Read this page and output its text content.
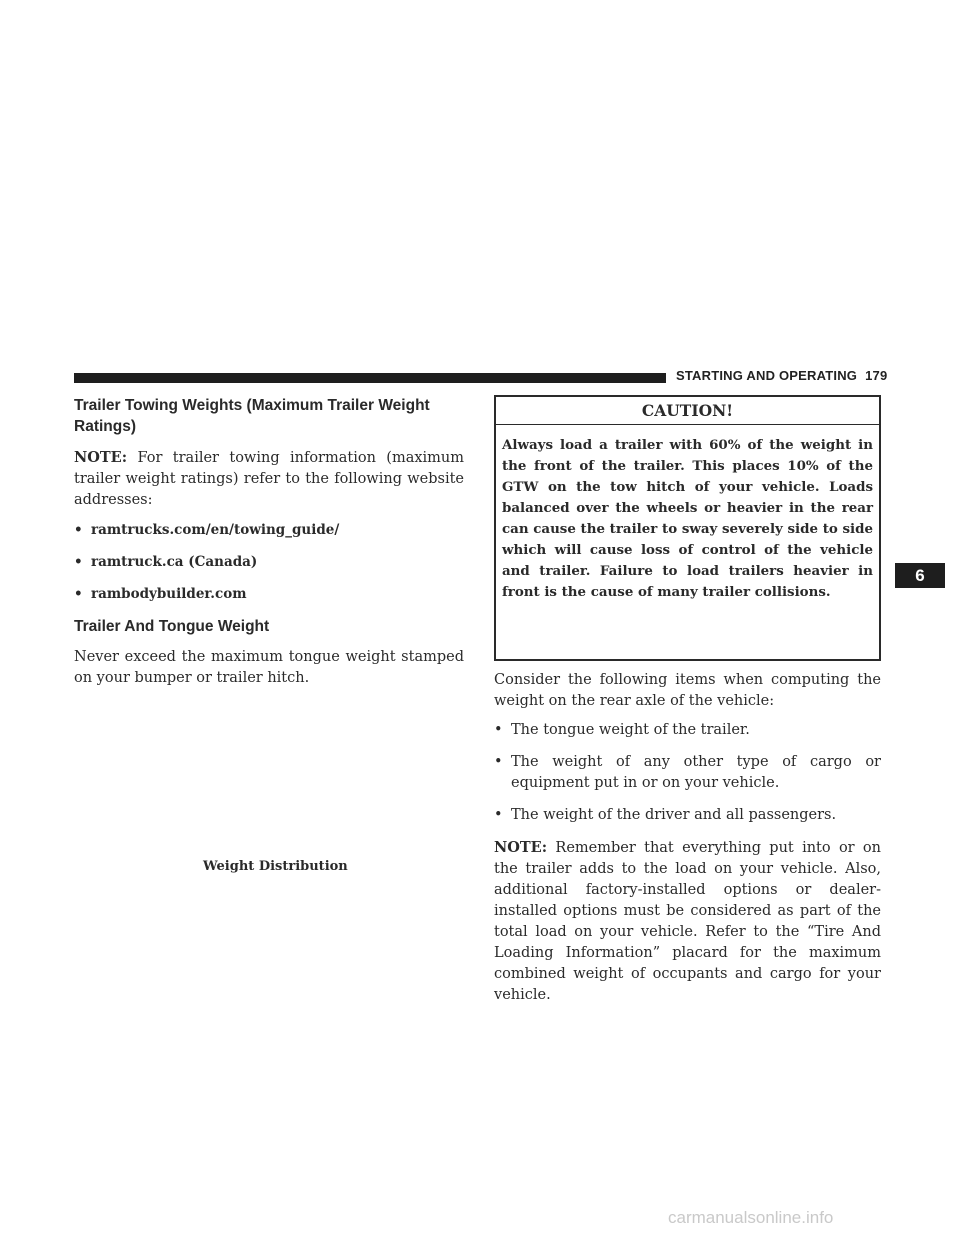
STARTING AND OPERATING 179
Trailer Towing Weights (Maximum Trailer Weight Ratings)

NOTE: For trailer towing information (maximum trailer weight ratings) refer to the following website addresses:

• ramtrucks.com/en/towing_guide/
• ramtruck.ca (Canada)
• rambodybuilder.com
Trailer And Tongue Weight

Never exceed the maximum tongue weight stamped on your bumper or trailer hitch.

Weight Distribution
CAUTION!
Always load a trailer with 60% of the weight in the front of the trailer. This places 10% of the GTW on the tow hitch of your vehicle. Loads balanced over the wheels or heavier in the rear can cause the trailer to sway severely side to side which will cause loss of control of the vehicle and trailer. Failure to load trailers heavier in front is the cause of many trailer collisions.

Consider the following items when computing the weight on the rear axle of the vehicle:

• The tongue weight of the trailer.
• The weight of any other type of cargo or equipment put in or on your vehicle.
• The weight of the driver and all passengers.

NOTE: Remember that everything put into or on the trailer adds to the load on your vehicle. Also, additional factory-installed options or dealer-installed options must be considered as part of the total load on your vehicle. Refer to the “Tire And Loading Information” placard for the maximum combined weight of occupants and cargo for your vehicle.

6
carmanualsonline.info
